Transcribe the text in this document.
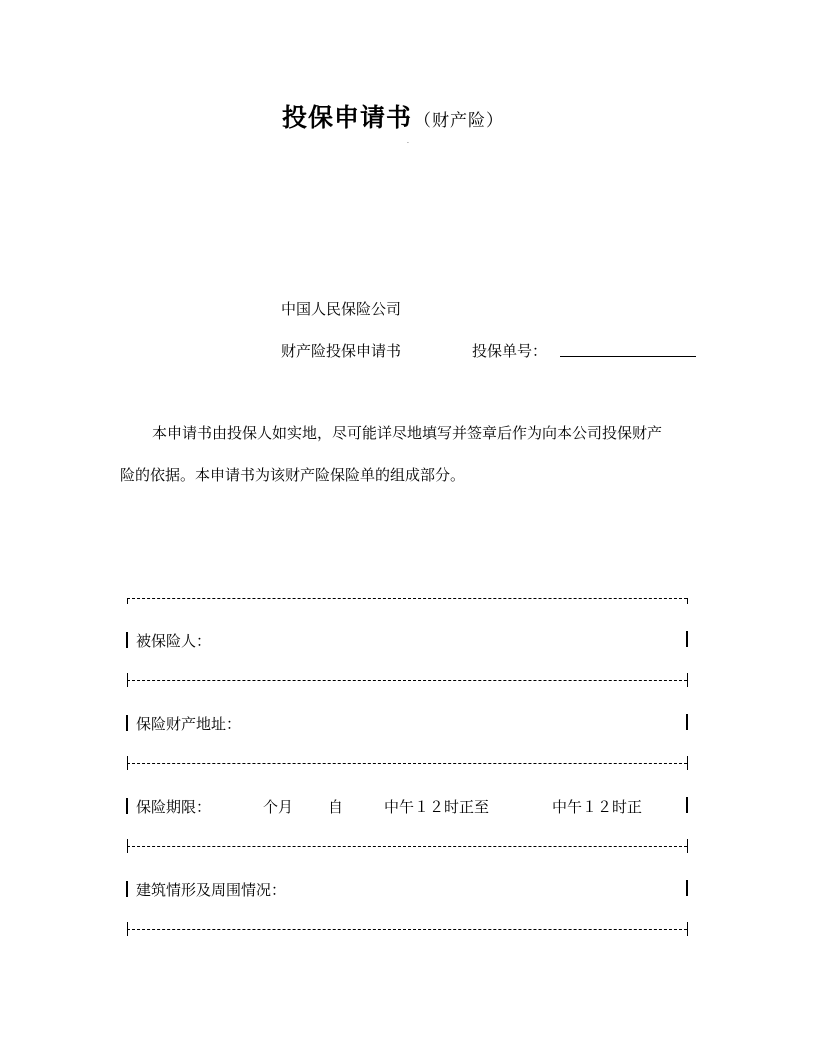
投保申请书 （财产险）
·
中国人民保险公司
财产险投保申请书	投保单号：
本申请书由投保人如实地，尽可能详尽地填写并签章后作为向本公司投保财产
险的依据。本申请书为该财产险保险单的组成部分。
被保险人：
保险财产地址：
保险期限：	个月 自	中午１２时正至	中午１２时正
建筑情形及周围情况：
